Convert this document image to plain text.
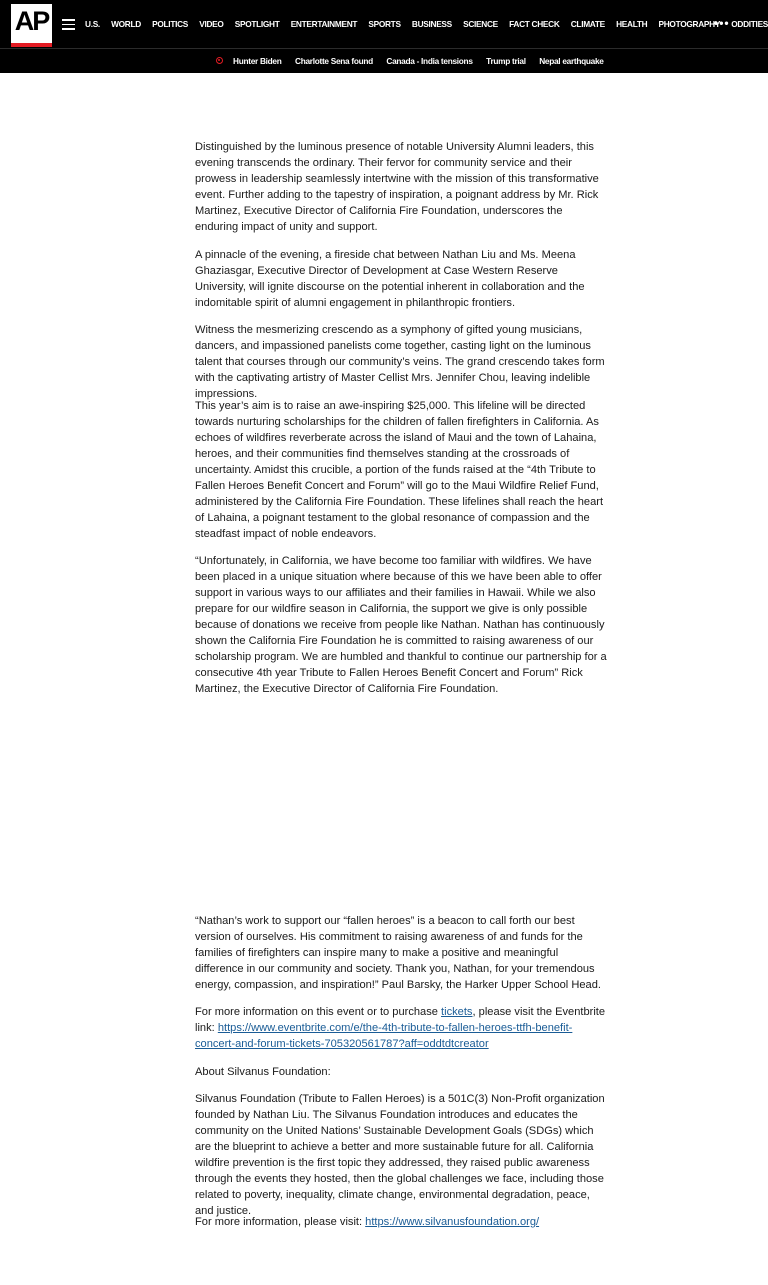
AP	U.S. WORLD POLITICS VIDEO SPOTLIGHT ENTERTAINMENT SPORTS BUSINESS SCIENCE FACT CHECK CLIMATE HEALTH PHOTOGRAPHY ODDITIES
•••
Hunter Biden Charlotte Sena found Canada - India tensions Trump trial Nepal earthquake

Distinguished by the luminous presence of notable University Alumni leaders, this evening transcends the ordinary. Their fervor for community service and their prowess in leadership seamlessly intertwine with the mission of this transformative event. Further adding to the tapestry of inspiration, a poignant address by Mr. Rick Martinez, Executive Director of California Fire Foundation, underscores the enduring impact of unity and support.

A pinnacle of the evening, a fireside chat between Nathan Liu and Ms. Meena Ghaziasgar, Executive Director of Development at Case Western Reserve University, will ignite discourse on the potential inherent in collaboration and the indomitable spirit of alumni engagement in philanthropic frontiers.

Witness the mesmerizing crescendo as a symphony of gifted young musicians, dancers, and impassioned panelists come together, casting light on the luminous talent that courses through our community’s veins. The grand crescendo takes form with the captivating artistry of Master Cellist Mrs. Jennifer Chou, leaving indelible impressions.

This year’s aim is to raise an awe-inspiring $25,000. This lifeline will be directed towards nurturing scholarships for the children of fallen firefighters in California. As echoes of wildfires reverberate across the island of Maui and the town of Lahaina, heroes, and their communities find themselves standing at the crossroads of uncertainty. Amidst this crucible, a portion of the funds raised at the “4th Tribute to Fallen Heroes Benefit Concert and Forum” will go to the Maui Wildfire Relief Fund, administered by the California Fire Foundation. These lifelines shall reach the heart of Lahaina, a poignant testament to the global resonance of compassion and the steadfast impact of noble endeavors.

“Unfortunately, in California, we have become too familiar with wildfires. We have been placed in a unique situation where because of this we have been able to offer support in various ways to our affiliates and their families in Hawaii. While we also prepare for our wildfire season in California, the support we give is only possible because of donations we receive from people like Nathan. Nathan has continuously shown the California Fire Foundation he is committed to raising awareness of our scholarship program. We are humbled and thankful to continue our partnership for a consecutive 4th year Tribute to Fallen Heroes Benefit Concert and Forum” Rick Martinez, the Executive Director of California Fire Foundation.

“Nathan’s work to support our “fallen heroes” is a beacon to call forth our best version of ourselves. His commitment to raising awareness of and funds for the families of firefighters can inspire many to make a positive and meaningful difference in our community and society. Thank you, Nathan, for your tremendous energy, compassion, and inspiration!” Paul Barsky, the Harker Upper School Head.

For more information on this event or to purchase tickets, please visit the Eventbrite link: https://www.eventbrite.com/e/the-4th-tribute-to-fallen-heroes-ttfh-benefit-concert-and-forum-tickets-705320561787?aff=oddtdtcreator

About Silvanus Foundation:

Silvanus Foundation (Tribute to Fallen Heroes) is a 501C(3) Non-Profit organization founded by Nathan Liu. The Silvanus Foundation introduces and educates the community on the United Nations’ Sustainable Development Goals (SDGs) which are the blueprint to achieve a better and more sustainable future for all. California wildfire prevention is the first topic they addressed, they raised public awareness through the events they hosted, then the global challenges we face, including those related to poverty, inequality, climate change, environmental degradation, peace, and justice.

For more information, please visit: https://www.silvanusfoundation.org/
